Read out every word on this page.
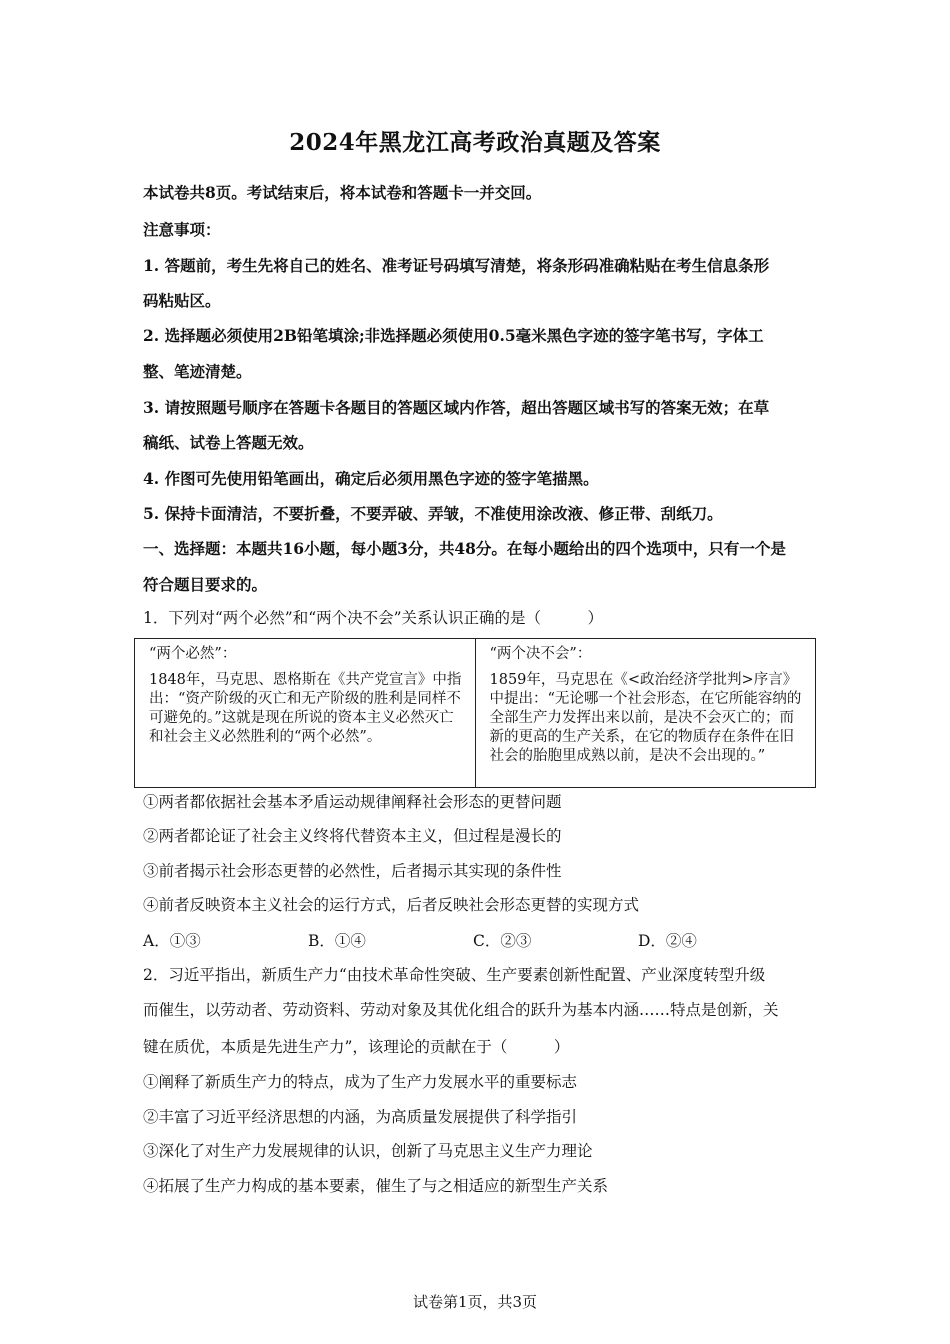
2024年黑龙江高考政治真题及答案
本试卷共8页。考试结束后，将本试卷和答题卡一并交回。
注意事项：
1. 答题前，考生先将自己的姓名、准考证号码填写清楚，将条形码准确粘贴在考生信息条形
码粘贴区。
2. 选择题必须使用2B铅笔填涂;非选择题必须使用0.5毫米黑色字迹的签字笔书写，字体工
整、笔迹清楚。
3. 请按照题号顺序在答题卡各题目的答题区域内作答，超出答题区域书写的答案无效；在草
稿纸、试卷上答题无效。
4. 作图可先使用铅笔画出，确定后必须用黑色字迹的签字笔描黑。
5. 保持卡面清洁，不要折叠，不要弄破、弄皱，不准使用涂改液、修正带、刮纸刀。
一、选择题：本题共16小题，每小题3分，共48分。在每小题给出的四个选项中，只有一个是
符合题目要求的。
1．下列对“两个必然”和“两个决不会”关系认识正确的是（　　　）
“两个必然”：
1848年，马克思、恩格斯在《共产党宣言》中指出：“资产阶级的灭亡和无产阶级的胜利是同样不可避免的。”这就是现在所说的资本主义必然灭亡和社会主义必然胜利的“两个必然”。

“两个决不会”：
1859年，马克思在《<政治经济学批判>序言》中提出：“无论哪一个社会形态，在它所能容纳的全部生产力发挥出来以前，是决不会灭亡的；而新的更高的生产关系，在它的物质存在条件在旧社会的胎胞里成熟以前，是决不会出现的。”
①两者都依据社会基本矛盾运动规律阐释社会形态的更替问题
②两者都论证了社会主义终将代替资本主义，但过程是漫长的
③前者揭示社会形态更替的必然性，后者揭示其实现的条件性
④前者反映资本主义社会的运行方式，后者反映社会形态更替的实现方式
A．①③	B．①④	C．②③	D．②④
2．习近平指出，新质生产力“由技术革命性突破、生产要素创新性配置、产业深度转型升级
而催生，以劳动者、劳动资料、劳动对象及其优化组合的跃升为基本内涵……特点是创新，关
键在质优，本质是先进生产力”，该理论的贡献在于（　　　）
①阐释了新质生产力的特点，成为了生产力发展水平的重要标志
②丰富了习近平经济思想的内涵，为高质量发展提供了科学指引
③深化了对生产力发展规律的认识，创新了马克思主义生产力理论
④拓展了生产力构成的基本要素，催生了与之相适应的新型生产关系
试卷第1页，共3页
